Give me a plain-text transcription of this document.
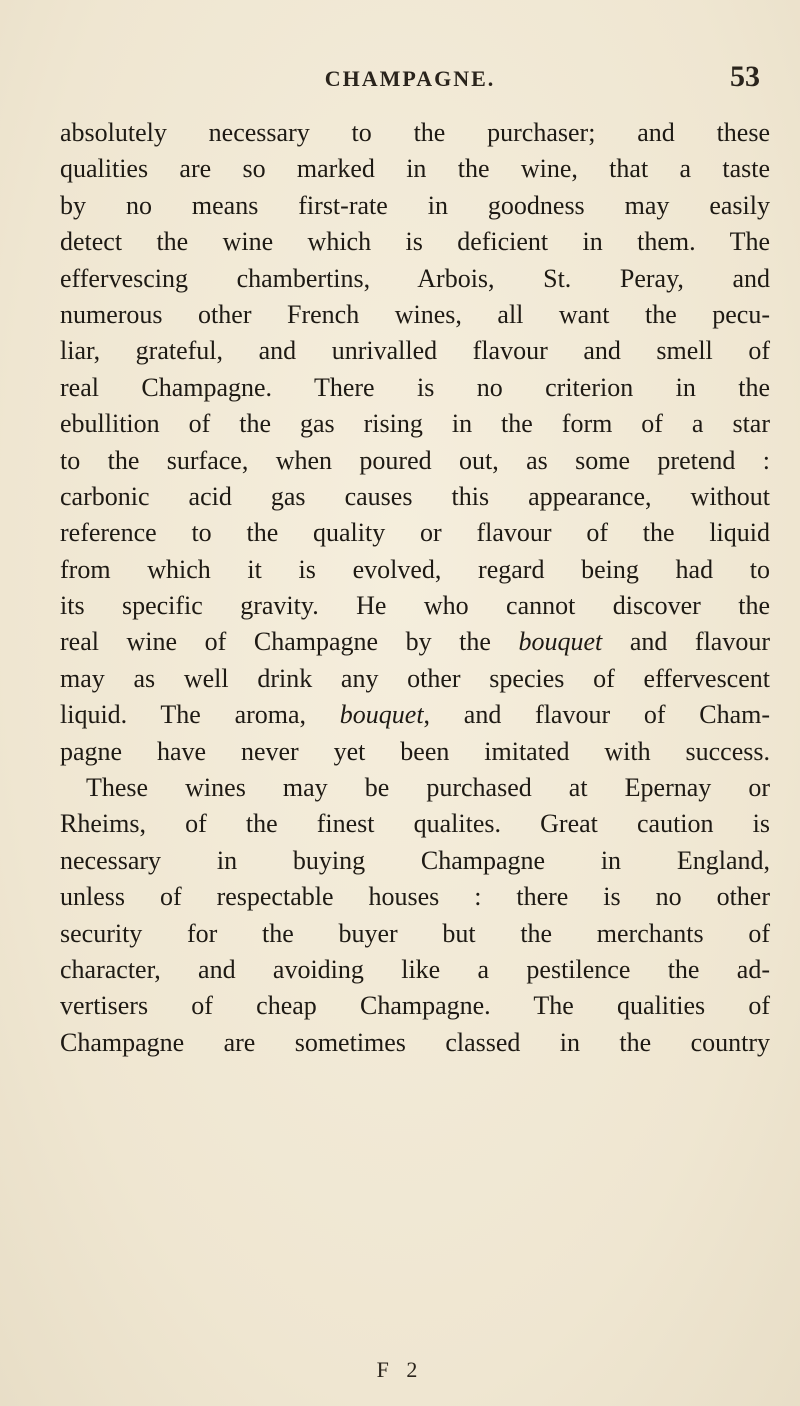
CHAMPAGNE.	53
absolutely necessary to the purchaser; and these
qualities are so marked in the wine, that a taste
by no means first-rate in goodness may easily
detect the wine which is deficient in them. The
effervescing chambertins, Arbois, St. Peray, and
numerous other French wines, all want the pecu-
liar, grateful, and unrivalled flavour and smell of
real Champagne. There is no criterion in the
ebullition of the gas rising in the form of a star
to the surface, when poured out, as some pretend :
carbonic acid gas causes this appearance, without
reference to the quality or flavour of the liquid
from which it is evolved, regard being had to
its specific gravity. He who cannot discover the
real wine of Champagne by the bouquet and flavour
may as well drink any other species of effervescent
liquid. The aroma, bouquet, and flavour of Cham-
pagne have never yet been imitated with success.
These wines may be purchased at Epernay or
Rheims, of the finest qualites. Great caution is
necessary in buying Champagne in England,
unless of respectable houses : there is no other
security for the buyer but the merchants of
character, and avoiding like a pestilence the ad-
vertisers of cheap Champagne. The qualities of
Champagne are sometimes classed in the country
F 2
